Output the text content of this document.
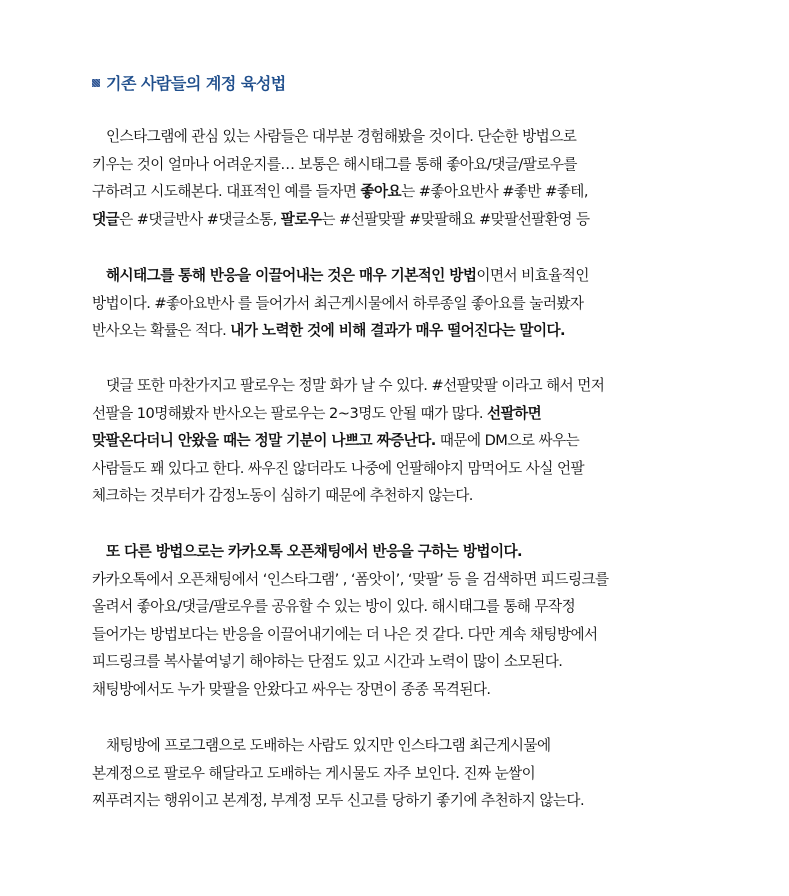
기존 사람들의 계정 육성법
인스타그램에 관심 있는 사람들은 대부분 경험해봤을 것이다. 단순한 방법으로
키우는 것이 얼마나 어려운지를… 보통은 해시태그를 통해 좋아요/댓글/팔로우를
구하려고 시도해본다. 대표적인 예를 들자면 좋아요는 #좋아요반사 #좋반 #좋테,
댓글은 #댓글반사 #댓글소통, 팔로우는 #선팔맞팔 #맞팔해요 #맞팔선팔환영 등
해시태그를 통해 반응을 이끌어내는 것은 매우 기본적인 방법이면서 비효율적인
방법이다. #좋아요반사 를 들어가서 최근게시물에서 하루종일 좋아요를 눌러봤자
반사오는 확률은 적다. 내가 노력한 것에 비해 결과가 매우 떨어진다는 말이다.
댓글 또한 마찬가지고 팔로우는 정말 화가 날 수 있다. #선팔맞팔 이라고 해서 먼저
선팔을 10명해봤자 반사오는 팔로우는 2~3명도 안될 때가 많다. 선팔하면
맞팔온다더니 안왔을 때는 정말 기분이 나쁘고 짜증난다. 때문에 DM으로 싸우는
사람들도 꽤 있다고 한다. 싸우진 않더라도 나중에 언팔해야지 맘먹어도 사실 언팔
체크하는 것부터가 감정노동이 심하기 때문에 추천하지 않는다.
또 다른 방법으로는 카카오톡 오픈채팅에서 반응을 구하는 방법이다.
카카오톡에서 오픈채팅에서 ‘인스타그램’ , ‘폼앗이’, ‘맞팔’ 등 을 검색하면 피드링크를
올려서 좋아요/댓글/팔로우를 공유할 수 있는 방이 있다. 해시태그를 통해 무작정
들어가는 방법보다는 반응을 이끌어내기에는 더 나은 것 같다. 다만 계속 채팅방에서
피드링크를 복사붙여넣기 해야하는 단점도 있고 시간과 노력이 많이 소모된다.
채팅방에서도 누가 맞팔을 안왔다고 싸우는 장면이 종종 목격된다.
채팅방에 프로그램으로 도배하는 사람도 있지만 인스타그램 최근게시물에
본계정으로 팔로우 해달라고 도배하는 게시물도 자주 보인다. 진짜 눈쌀이
찌푸려지는 행위이고 본계정, 부계정 모두 신고를 당하기 좋기에 추천하지 않는다.
